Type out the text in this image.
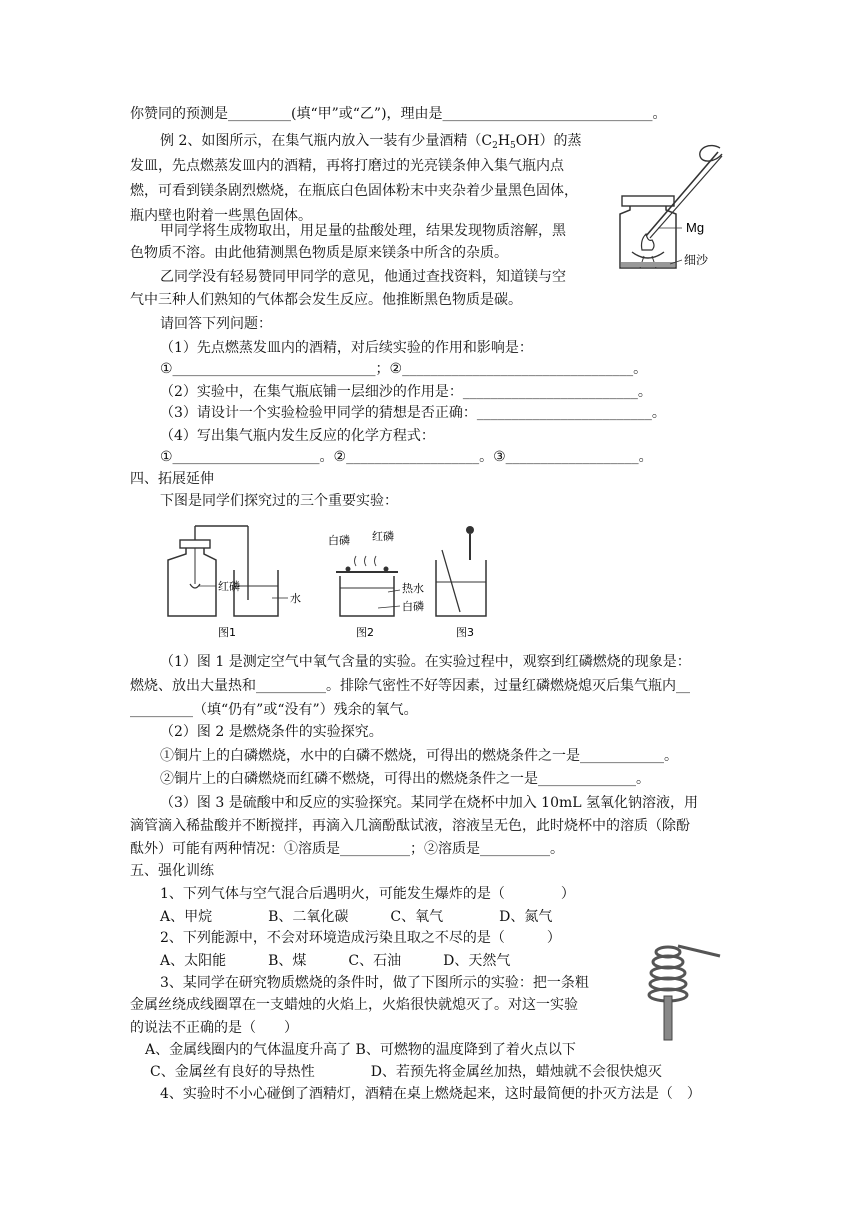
你赞同的预测是_________(填“甲”或“乙”)，理由是______________________________。
例 2、如图所示，在集气瓶内放入一装有少量酒精$(C_2H_5OH)$的蒸
发皿，先点燃蒸发皿内的酒精，再将打磨过的光亮镁条伸入集气瓶内点
燃，可看到镁条剧烈燃烧，在瓶底白色固体粉末中夹杂着少量黑色固体，
瓶内壁也附着一些黑色固体。
甲同学将生成物取出，用足量的盐酸处理，结果发现物质溶解，黑
色物质不溶。由此他猜测黑色物质是原来镁条中所含的杂质。
乙同学没有轻易赞同甲同学的意见，他通过查找资料，知道镁与空
气中三种人们熟知的气体都会发生反应。他推断黑色物质是碳。
请回答下列问题：
（1）先点燃蒸发皿内的酒精，对后续实验的作用和影响是：
①_____________________________；②_________________________________。
（2）实验中，在集气瓶底铺一层细沙的作用是：_________________________。
（3）请设计一个实验检验甲同学的猜想是否正确：_________________________。
（4）写出集气瓶内发生反应的化学方程式：
①_____________________。②___________________。③___________________。
四、拓展延伸
下图是同学们探究过的三个重要实验：
（1）图 1 是测定空气中氧气含量的实验。在实验过程中，观察到红磷燃烧的现象是：
燃烧、放出大量热和__________。排除气密性不好等因素，过量红磷燃烧熄灭后集气瓶内__
_________（填“仍有”或“没有”）残余的氧气。
（2）图 2 是燃烧条件的实验探究。
①铜片上的白磷燃烧，水中的白磷不燃烧，可得出的燃烧条件之一是____________。
②铜片上的白磷燃烧而红磷不燃烧，可得出的燃烧条件之一是______________。
（3）图 3 是硫酸中和反应的实验探究。某同学在烧杯中加入 10mL 氢氧化钠溶液，用
滴管滴入稀盐酸并不断搅拌，再滴入几滴酚酞试液，溶液呈无色，此时烧杯中的溶质（除酚
酞外）可能有两种情况：①溶质是__________；②溶质是__________。
五、强化训练
1、下列气体与空气混合后遇明火，可能发生爆炸的是（　　　　）
A、甲烷　　　　B、二氧化碳　　　C、氧气　　　　D、氮气
2、下列能源中，不会对环境造成污染且取之不尽的是（　　　）
A、太阳能　　　B、煤　　　C、石油　　　D、天然气
3、某同学在研究物质燃烧的条件时，做了下图所示的实验：把一条粗
金属丝绕成线圈罩在一支蜡烛的火焰上，火焰很快就熄灭了。对这一实验
的说法不正确的是（　　）
A、金属线圈内的气体温度升高了 B、可燃物的温度降到了着火点以下
C、金属丝有良好的导热性　　　　D、若预先将金属丝加热，蜡烛就不会很快熄灭
4、实验时不小心碰倒了酒精灯，酒精在桌上燃烧起来，这时最简便的扑灭方法是（　）
Mg
细沙
红磷
水
图1
白磷 红磷
热水
白磷
图2	图3
